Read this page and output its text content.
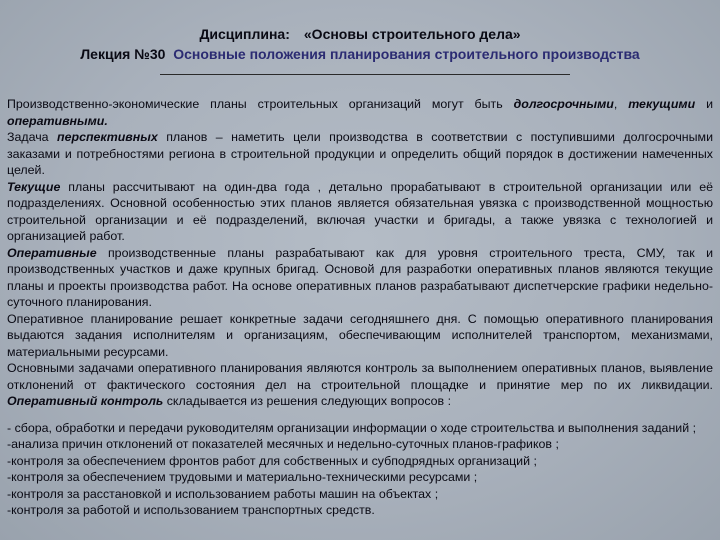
Дисциплина: «Основы строительного дела»
Лекция №30 Основные положения планирования строительного производства

Производственно-экономические планы строительных организаций могут быть долгосрочными, текущими и оперативными.

Задача перспективных планов – наметить цели производства в соответствии с поступившими долгосрочными заказами и потребностями региона в строительной продукции и определить общий порядок в достижении намеченных целей.

Текущие планы рассчитывают на один-два года , детально прорабатывают в строительной организации или её подразделениях. Основной особенностью этих планов является обязательная увязка с производственной мощностью строительной организации и её подразделений, включая участки и бригады, а также увязка с технологией и организацией работ.

Оперативные производственные планы разрабатывают как для уровня строительного треста, СМУ, так и производственных участков и даже крупных бригад. Основой для разработки оперативных планов являются текущие планы и проекты производства работ. На основе оперативных планов разрабатывают диспетчерские графики недельно-суточного планирования.

Оперативное планирование решает конкретные задачи сегодняшнего дня. С помощью оперативного планирования выдаются задания исполнителям и организациям, обеспечивающим исполнителей транспортом, механизмами, материальными ресурсами.

Основными задачами оперативного планирования являются контроль за выполнением оперативных планов, выявление отклонений от фактического состояния дел на строительной площадке и принятие мер по их ликвидации. Оперативный контроль складывается из решения следующих вопросов :

- сбора, обработки и передачи руководителям организации информации о ходе строительства и выполнения заданий ;

-анализа причин отклонений от показателей месячных и недельно-суточных планов-графиков ;

-контроля за обеспечением фронтов работ для собственных и субподрядных организаций ;

-контроля за обеспечением трудовыми и материально-техническими ресурсами ;

-контроля за расстановкой и использованием работы машин на объектах ;

-контроля за работой и использованием транспортных средств.
